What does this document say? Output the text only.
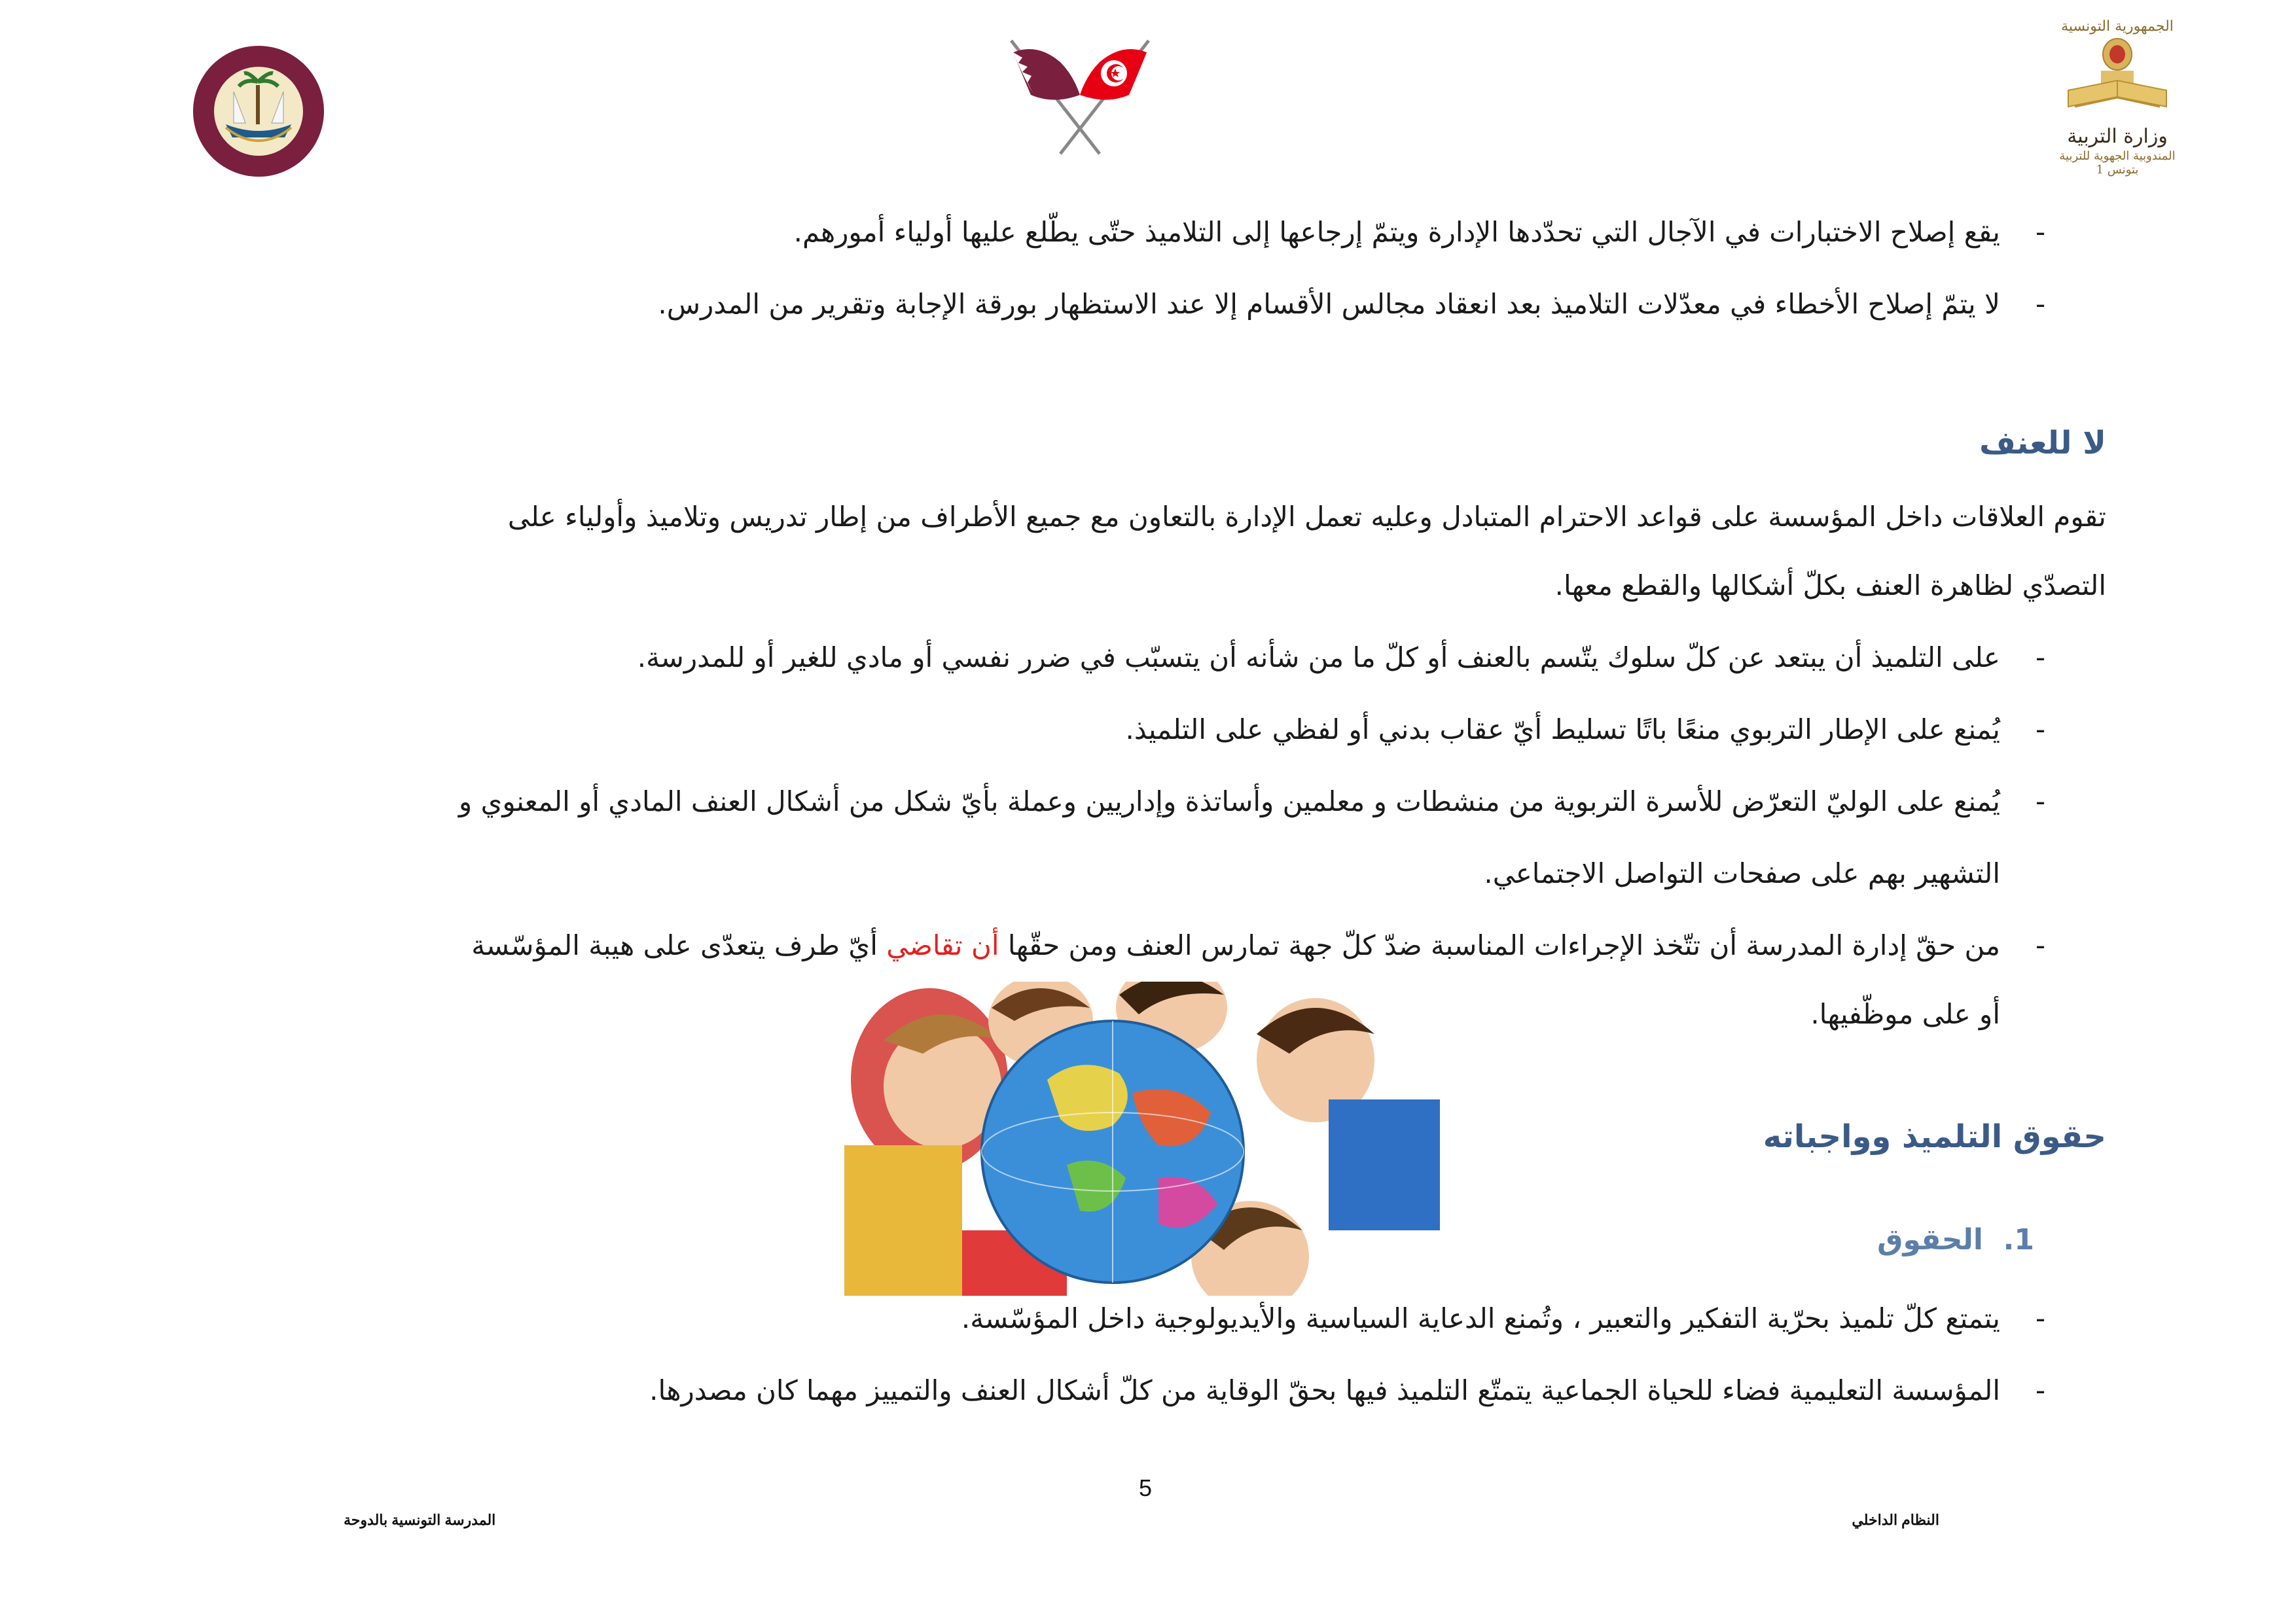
الجمهورية التونسية
وزارة التربية
المندوبية الجهوية للتربية بتونس 1
-
يقع إصلاح الاختبارات في الآجال التي تحدّدها الإدارة ويتمّ إرجاعها إلى التلاميذ حتّى يطّلع عليها أولياء أمورهم.
-
لا يتمّ إصلاح الأخطاء في معدّلات التلاميذ بعد انعقاد مجالس الأقسام إلا عند الاستظهار بورقة الإجابة وتقرير من المدرس.
لا للعنف
تقوم العلاقات داخل المؤسسة على قواعد الاحترام المتبادل وعليه تعمل الإدارة بالتعاون مع جميع الأطراف من إطار تدريس وتلاميذ وأولياء على
التصدّي لظاهرة العنف بكلّ أشكالها والقطع معها.
-
على التلميذ أن يبتعد عن كلّ سلوك يتّسم بالعنف أو كلّ ما من شأنه أن يتسبّب في ضرر نفسي أو مادي للغير أو للمدرسة.
-
يُمنع على الإطار التربوي منعًا باتًا تسليط أيّ عقاب بدني أو لفظي على التلميذ.
-
يُمنع على الوليّ التعرّض للأسرة التربوية من منشطات و معلمين وأساتذة وإداريين وعملة بأيّ شكل من أشكال العنف المادي أو المعنوي و
التشهير بهم على صفحات التواصل الاجتماعي.
-
من حقّ إدارة المدرسة أن تتّخذ الإجراءات المناسبة ضدّ كلّ جهة تمارس العنف ومن حقّها أن تقاضي أيّ طرف يتعدّى على هيبة المؤسّسة
أو على موظّفيها.
حقوق التلميذ وواجباته
1.  الحقوق
-
يتمتع كلّ تلميذ بحرّية التفكير والتعبير ، وتُمنع الدعاية السياسية والأيديولوجية داخل المؤسّسة.
-
المؤسسة التعليمية فضاء للحياة الجماعية يتمتّع التلميذ فيها بحقّ الوقاية من كلّ أشكال العنف والتمييز مهما كان مصدرها.
5
النظام الداخلي
المدرسة التونسية بالدوحة
